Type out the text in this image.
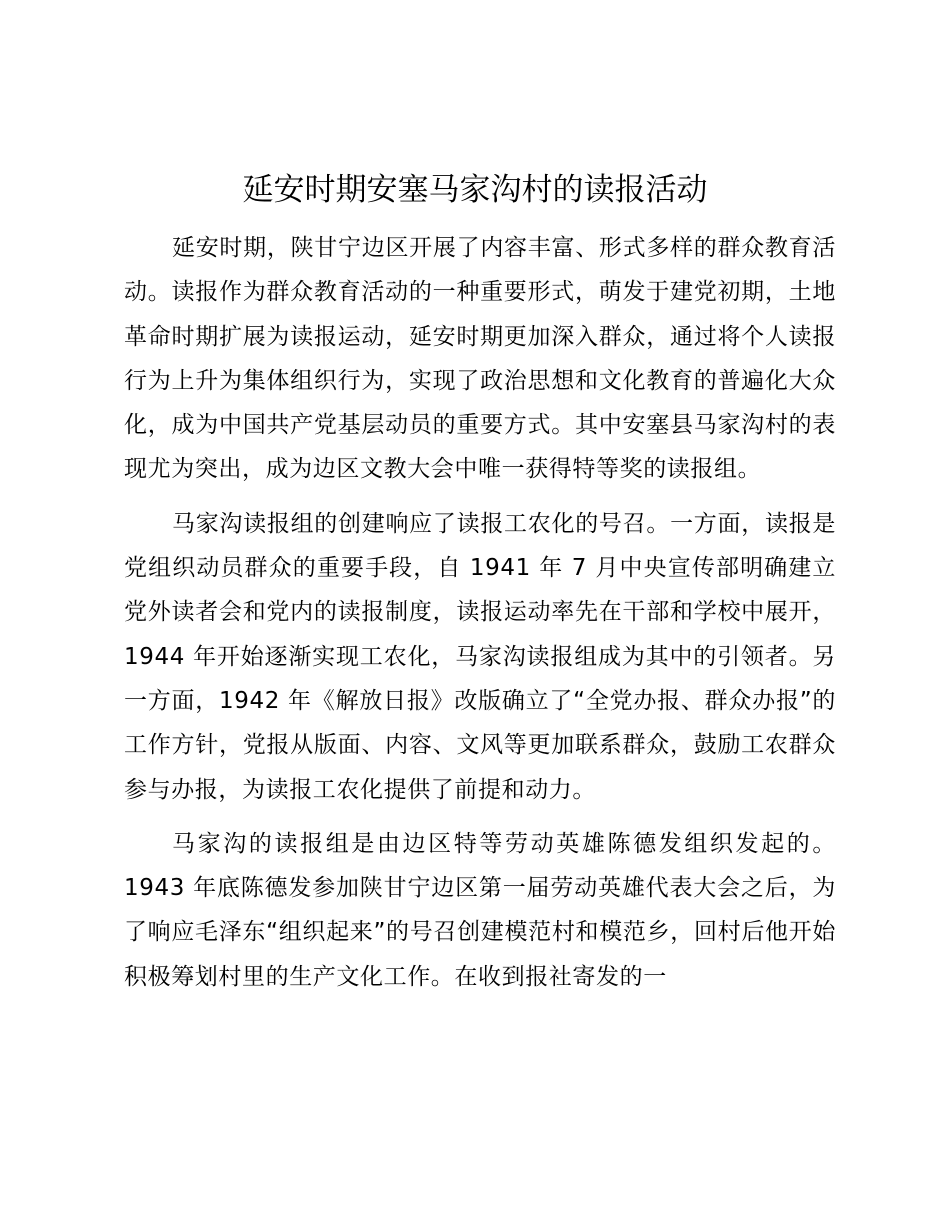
延安时期安塞马家沟村的读报活动

延安时期，陕甘宁边区开展了内容丰富、形式多样的群众教育活动。读报作为群众教育活动的一种重要形式，萌发于建党初期，土地革命时期扩展为读报运动，延安时期更加深入群众，通过将个人读报行为上升为集体组织行为，实现了政治思想和文化教育的普遍化大众化，成为中国共产党基层动员的重要方式。其中安塞县马家沟村的表现尤为突出，成为边区文教大会中唯一获得特等奖的读报组。

马家沟读报组的创建响应了读报工农化的号召。一方面，读报是党组织动员群众的重要手段，自 1941 年 7 月中央宣传部明确建立党外读者会和党内的读报制度，读报运动率先在干部和学校中展开，1944 年开始逐渐实现工农化，马家沟读报组成为其中的引领者。另一方面，1942 年《解放日报》改版确立了“全党办报、群众办报”的工作方针，党报从版面、内容、文风等更加联系群众，鼓励工农群众参与办报，为读报工农化提供了前提和动力。

马家沟的读报组是由边区特等劳动英雄陈德发组织发起的。1943 年底陈德发参加陕甘宁边区第一届劳动英雄代表大会之后，为了响应毛泽东“组织起来”的号召创建模范村和模范乡，回村后他开始积极筹划村里的生产文化工作。在收到报社寄发的一
